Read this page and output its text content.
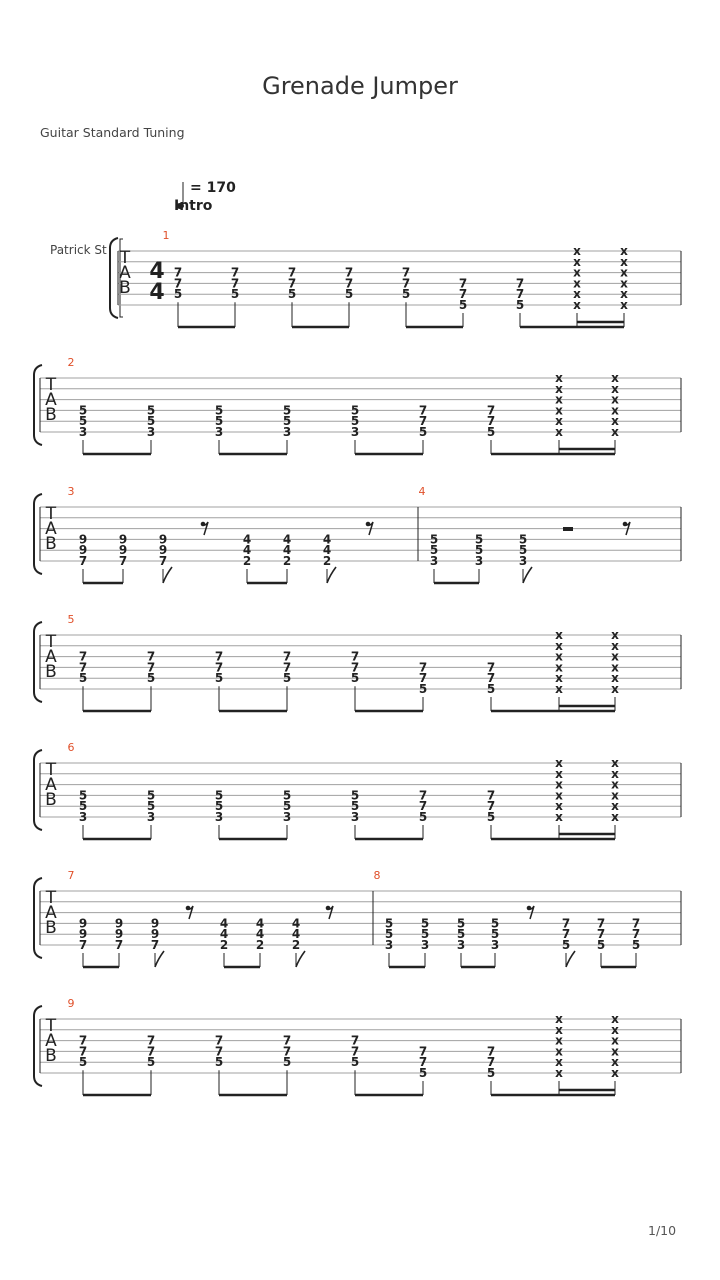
Grenade Jumper
Guitar Standard Tuning
= 170
Intro
Patrick St T
A
B
4
4
1
7
7
5
7
7
5
7
7
5
7
7
5
7
7
5
7
7
5
7
7
5
x
x
x
x
x
x
x
x
x
x
x
x
T
A
B
2
5
5
3
5
5
3
5
5
3
5
5
3
5
5
3
7
7
5
7
7
5
x
x
x
x
x
x
x
x
x
x
x
x
T
A
B
3
9
9
7
9
9
7
9
9
7
4
4
2
4
4
2
4
4
2
4
5
5
3
5
5
3
5
5
3
T
A
B
5
7
7
5
7
7
5
7
7
5
7
7
5
7
7
5
7
7
5
7
7
5
x
x
x
x
x
x
x
x
x
x
x
x
T
A
B
6
5
5
3
5
5
3
5
5
3
5
5
3
5
5
3
7
7
5
7
7
5
x
x
x
x
x
x
x
x
x
x
x
x
T
A
B
7
9
9
7
9
9
7
9
9
7
4
4
2
4
4
2
4
4
2
8
5
5
3
5
5
3
5
5
3
5
5
3
7
7
5
7
7
5
7
7
5
T
A
B
9
7
7
5
7
7
5
7
7
5
7
7
5
7
7
5
7
7
5
7
7
5
x
x
x
x
x
x
x
x
x
x
x
x
1/10
